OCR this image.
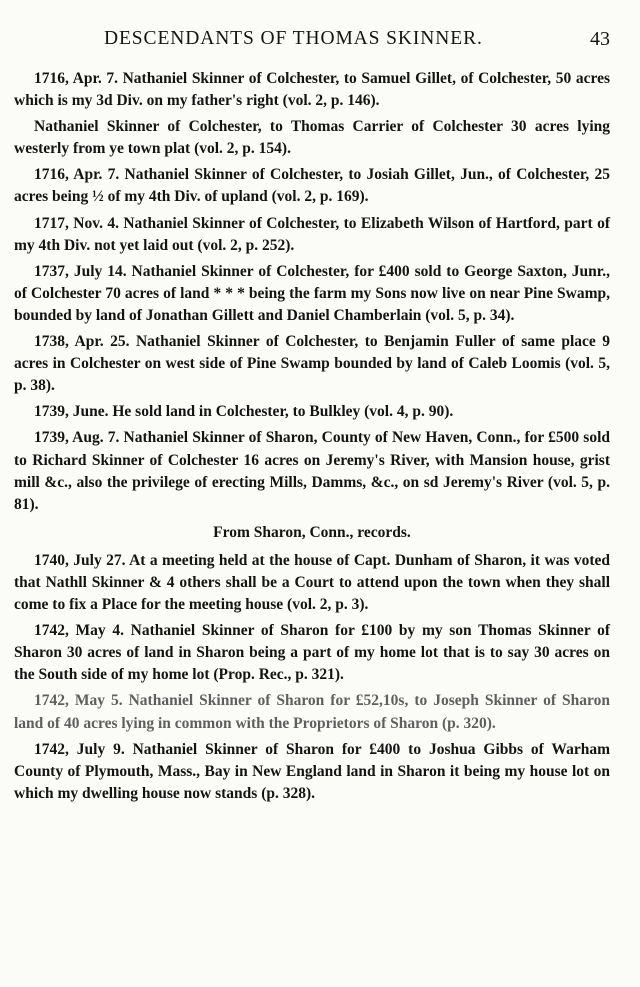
DESCENDANTS OF THOMAS SKINNER.	43

1716, Apr. 7. Nathaniel Skinner of Colchester, to Samuel Gillet, of Colchester, 50 acres which is my 3d Div. on my father's right (vol. 2, p. 146).

Nathaniel Skinner of Colchester, to Thomas Carrier of Colchester 30 acres lying westerly from ye town plat (vol. 2, p. 154).

1716, Apr. 7. Nathaniel Skinner of Colchester, to Josiah Gillet, Jun., of Colchester, 25 acres being ½ of my 4th Div. of upland (vol. 2, p. 169).

1717, Nov. 4. Nathaniel Skinner of Colchester, to Elizabeth Wilson of Hartford, part of my 4th Div. not yet laid out (vol. 2, p. 252).

1737, July 14. Nathaniel Skinner of Colchester, for £400 sold to George Saxton, Junr., of Colchester 70 acres of land * * * being the farm my Sons now live on near Pine Swamp, bounded by land of Jonathan Gillett and Daniel Chamberlain (vol. 5, p. 34).

1738, Apr. 25. Nathaniel Skinner of Colchester, to Benjamin Fuller of same place 9 acres in Colchester on west side of Pine Swamp bounded by land of Caleb Loomis (vol. 5, p. 38).

1739, June. He sold land in Colchester, to Bulkley (vol. 4, p. 90).

1739, Aug. 7. Nathaniel Skinner of Sharon, County of New Haven, Conn., for £500 sold to Richard Skinner of Colchester 16 acres on Jeremy's River, with Mansion house, grist mill &c., also the privilege of erecting Mills, Damms, &c., on sd Jeremy's River (vol. 5, p. 81).

From Sharon, Conn., records.

1740, July 27. At a meeting held at the house of Capt. Dunham of Sharon, it was voted that Nathll Skinner & 4 others shall be a Court to attend upon the town when they shall come to fix a Place for the meeting house (vol. 2, p. 3).

1742, May 4. Nathaniel Skinner of Sharon for £100 by my son Thomas Skinner of Sharon 30 acres of land in Sharon being a part of my home lot that is to say 30 acres on the South side of my home lot (Prop. Rec., p. 321).

1742, May 5. Nathaniel Skinner of Sharon for £52,10s, to Joseph Skinner of Sharon land of 40 acres lying in common with the Proprietors of Sharon (p. 320).

1742, July 9. Nathaniel Skinner of Sharon for £400 to Joshua Gibbs of Warham County of Plymouth, Mass., Bay in New England land in Sharon it being my house lot on which my dwelling house now stands (p. 328).
